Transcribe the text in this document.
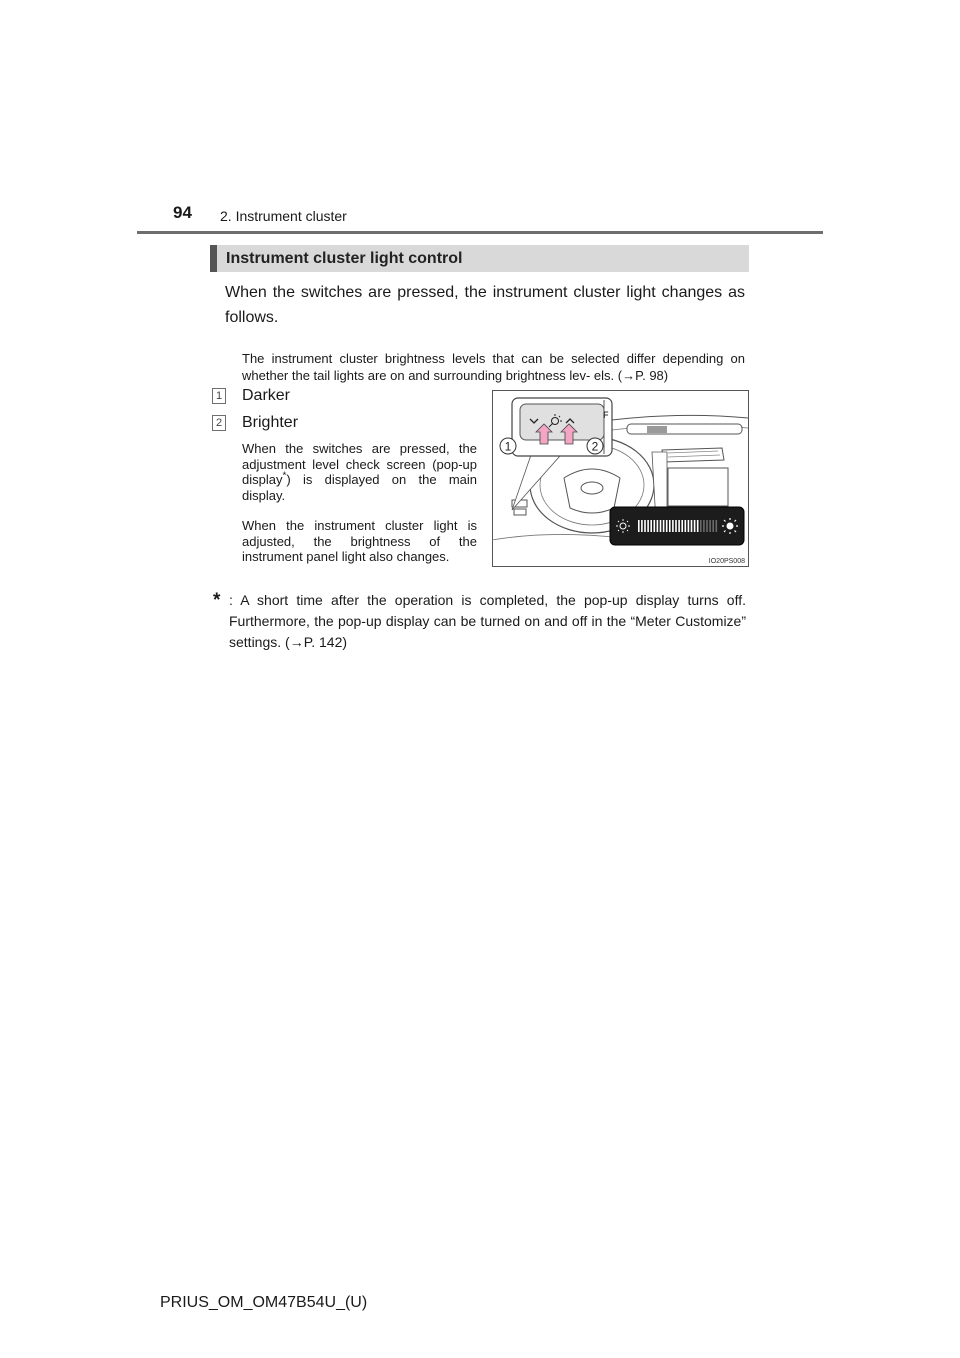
94 2. Instrument cluster
Instrument cluster light control
When the switches are pressed, the instrument cluster light changes as follows.
The instrument cluster brightness levels that can be selected differ depending on whether the tail lights are on and surrounding brightness lev- els. (→P. 98)
1 Darker
2 Brighter
When the switches are pressed, the adjustment level check screen (pop-up display*) is displayed on the main display.
When the instrument cluster light is adjusted, the brightness of the instrument panel light also changes.
F
1	2
IO20PS008
* : A short time after the operation is completed, the pop-up display turns off. Furthermore, the pop-up display can be turned on and off in the “Meter Customize” settings. (→P. 142)
PRIUS_OM_OM47B54U_(U)
